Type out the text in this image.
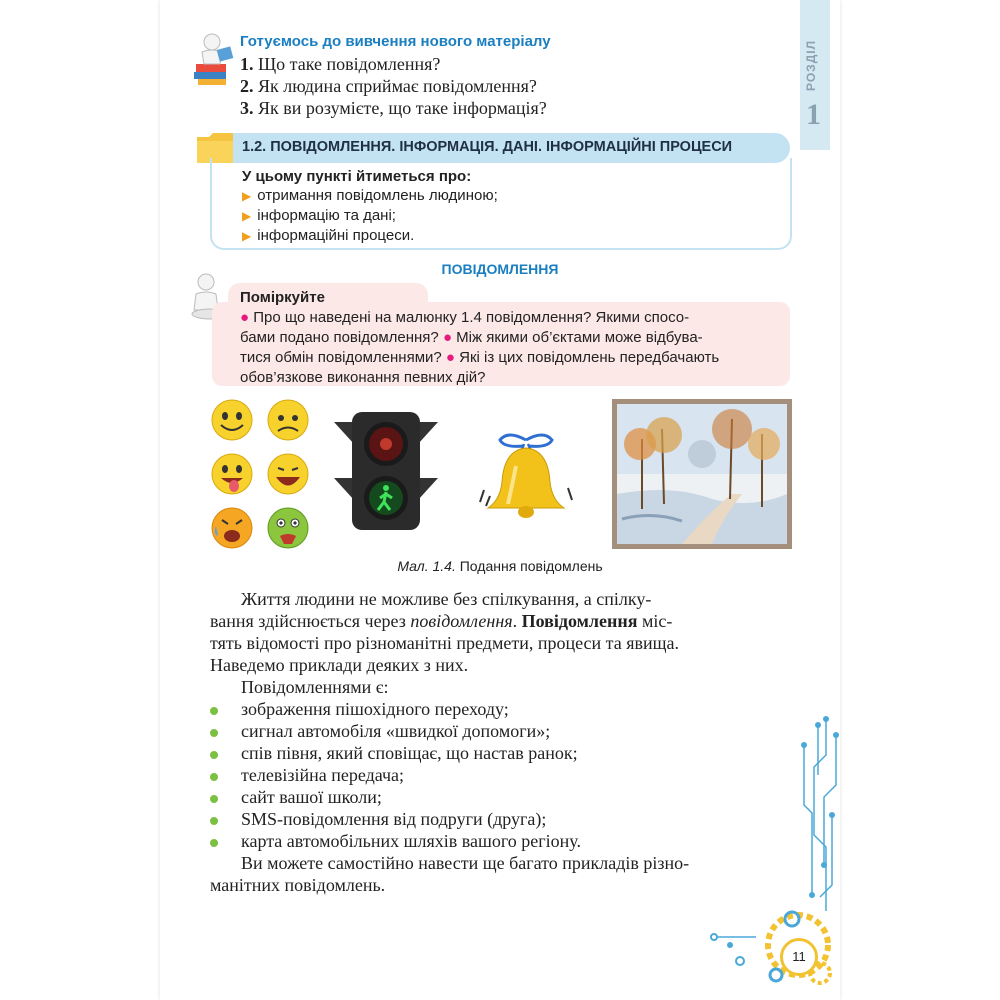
РОЗДІЛ
1
Готуємось до вивчення нового матеріалу
1. Що таке повідомлення?
2. Як людина сприймає повідомлення?
3. Як ви розумієте, що таке інформація?
1.2. ПОВІДОМЛЕННЯ. ІНФОРМАЦІЯ. ДАНІ. ІНФОРМАЦІЙНІ ПРОЦЕСИ
У цьому пункті йтиметься про:
▶ отримання повідомлень людиною;
▶ інформацію та дані;
▶ інформаційні процеси.
ПОВІДОМЛЕННЯ
Поміркуйте
● Про що наведені на малюнку 1.4 повідомлення? Якими спосо-
бами подано повідомлення? ● Між якими об’єктами може відбува-
тися обмін повідомленнями? ● Які із цих повідомлень передбачають
обов’язкове виконання певних дій?
Мал. 1.4. Подання повідомлень
Життя людини не можливе без спілкування, а спілку-
вання здійснюється через повідомлення. Повідомлення міс-
тять відомості про різноманітні предмети, процеси та явища.
Наведемо приклади деяких з них.
Повідомленнями є:
зображення пішохідного переходу;
сигнал автомобіля «швидкої допомоги»;
спів півня, який сповіщає, що настав ранок;
телевізійна передача;
сайт вашої школи;
SMS-повідомлення від подруги (друга);
карта автомобільних шляхів вашого регіону.
Ви можете самостійно навести ще багато прикладів різно-
манітних повідомлень.
11
